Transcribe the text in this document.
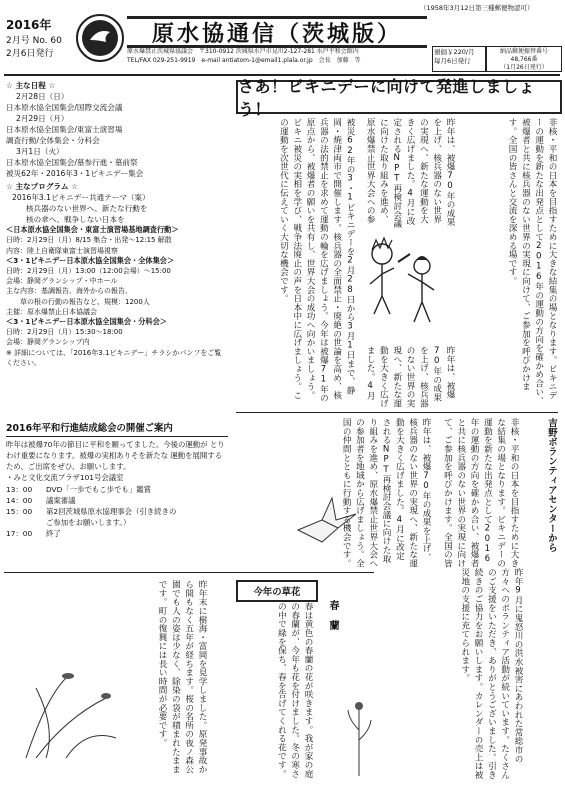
（1958年3月12日第三種郵便物認可）
2016年
2月号 No. 60
2月6日発行
原水協通信（茨城版）
原水爆禁止茨城県協議会　〒310-0912 茨城県水戸市見川2-127-281 水戸平和会館内
TEL/FAX 029-251-9919　e-mail antiatom-1@email1.plala.or.jp　会長　加藤　等
頒価￥220/月
毎月6日発行
納品郵便振替番号
48,766番
（1月26日発行）
☆ 主な日程 ☆
2月28日（日）
日本原水協全国集会/国際交流会議
2月29日（月）
日本原水協全国集会/東富士演習場
調査行動/全体集会・分科会
3月1日（火）
日本原水協全国集会/墓参行進・墓前祭
被災62年・2016年3・1ビキニデー集会
☆ 主なプログラム ☆
2016年3.1ビキニデー共通テーマ（案）
核兵器のない世界へ、新たな行動を
核の傘へ、戦争しない日本を
＜日本原水協全国集会・東富士演習場基地調査行動＞
日時：2月29日（月）8/15 集合・出発～12:15 解散
内容：陸上自衛隊東富士演習場視察
＜3・1ビキニデー日本原水協全国集会・全体集会＞
日時：2月29日（月）13:00（12:00会場）～15:00
会場：静岡グランシップ・中ホール
主な内容：基調報告、海外からの報告、
　　草の根の行動の報告など、規模：1200人
主催：原水爆禁止日本協議会
＜3・1ビキニデー日本原水協全国集会・分科会＞
日時：2月29日（月）15:30～18:00
会場：静岡グランシップ内
※ 詳細については、「2016年3.1ビキニデー」チラシかパンフをご覧ください。
2016年平和行進結成総会の開催ご案内
昨年は被爆70年の節目に平和を願ってました。今後の運動が とりわけ重要になります。被爆の実相ありそを新たな 運動を展開するため、ご出席をぜひ、お願いします。
・みと文化交流プラザ101号会議室
13：00	DVD「一歩でもこ歩でも」鑑賞
14：00	議案審議
15：00	第2回茨城県原水協理事会（引き続きの
ご参加をお願いします。）
17：00	終了
さあ！ビキニデーに向けて発進しましょう！
被災62年の3・1ビキニデーを2月28日から3月1日まで、静岡・焼津両市で開催します。核兵器の全面禁止・廃絶の世論を高め、核兵器の法的禁止を求めて運動の輪を広げましょう。今年は被爆71年の原点から、被爆者の願いを共有し、世界大会の成功へ向かいましょう。ビキニ被災の実相を学び、戦争法廃止の声を日本中に広げましょう。この運動を次世代に伝えていく大切な機会です。	昨年は、被爆70年の成果を上げ、核兵器のない世界の実現へ、新たな運動を大きく広げました。4月に改定されるNPT再検討会議に向けた取り組みを進め、原水爆禁止世界大会への参
昨年は、被爆70年の成果を上げ、核兵器のない世界の実現へ、新たな運動を大きく広げました。4月	非核・平和の日本を目指すために大きな結集の場となります。ビキニデーの運動を新たな出発点として2016年の運動の方向を確かめ合い、被爆者と共に核兵器のない世界の実現に向けて、ご参加を呼びかけます。全国の皆さんと交流を深める場です。
昨年は、被爆70年の成果を上げ、核兵器のない世界の実現へ、新たな運動を大きく広げました。4月に改定されるNPT再検討会議に向けた取り組みを進め、原水爆禁止世界大会への参加者を地域から広げましょう。全国の仲間とともに行動する機会です。	非核・平和の日本を目指すために大きな結集の場となります。ビキニデーの運動を新たな出発点として2016年の運動の方向を確かめ合い、被爆者と共に核兵器のない世界の実現に向けて、ご参加を呼びかけます。全国の皆
吉野ボランティアセンターから
昨年9月に鬼怒川の洪水被害にあわれた常総市の方々へのボランティア活動が続いています。たくさんのご支援をいただき、ありがとうございました。引き続きのご協力をお願いします。カレンダーの売上は被災地の支援に充てられます。
昨年末に樹海・富岡を見学しました。原発事故から間もなく五年が経ちます。桜の名所の夜ノ森公園でも人の姿は少なく、除染の袋が積まれたままです。町の復興には長い時間が必要です。	今年の草花
春は黄色の春蘭の花が咲きます。我が家の庭の春蘭が、今年も花を付けました。冬の寒さの中で緑を保ち、春を告げてくれる花です。	春　蘭
